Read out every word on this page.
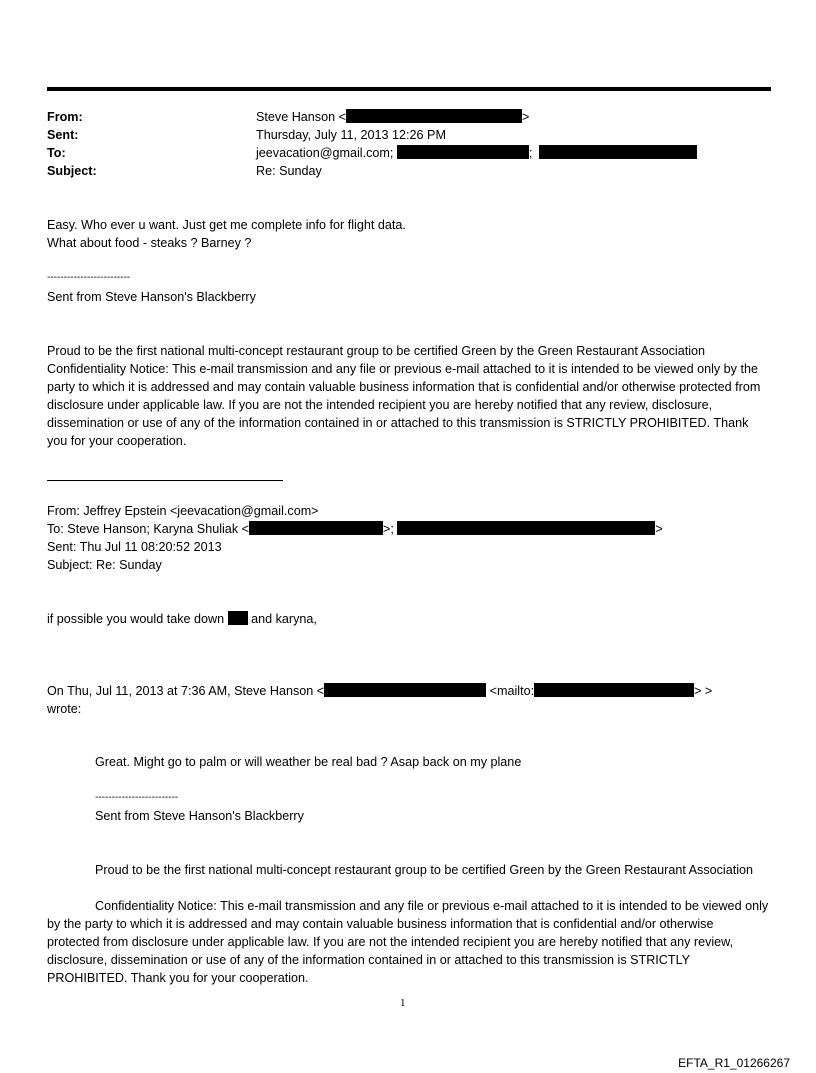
From:	Steve Hanson <	>
Sent:	Thursday, July 11, 2013 12:26 PM
To:	jeevacation@gmail.com;	;
Subject:	Re: Sunday
Easy. Who ever u want. Just get me complete info for flight data.
What about food - steaks ? Barney ?
-------------------------
Sent from Steve Hanson's Blackberry
Proud to be the first national multi-concept restaurant group to be certified Green by the Green Restaurant Association Confidentiality Notice: This e-mail transmission and any file or previous e-mail attached to it is intended to be viewed only by the party to which it is addressed and may contain valuable business information that is confidential and/or otherwise protected from disclosure under applicable law. If you are not the intended recipient you are hereby notified that any review, disclosure, dissemination or use of any of the information contained in or attached to this transmission is STRICTLY PROHIBITED. Thank you for your cooperation.
From: Jeffrey Epstein <jeevacation@gmail.com>
To: Steve Hanson; Karyna Shuliak <	>;	>
Sent: Thu Jul 11 08:20:52 2013
Subject: Re: Sunday
if possible you would take down and karyna,
On Thu, Jul 11, 2013 at 7:36 AM, Steve Hanson <	<mailto:	> >
wrote:
Great. Might go to palm or will weather be real bad ? Asap back on my plane
-------------------------
Sent from Steve Hanson's Blackberry
Proud to be the first national multi-concept restaurant group to be certified Green by the Green Restaurant Association
Confidentiality Notice: This e-mail transmission and any file or previous e-mail attached to it is intended to be viewed only by the party to which it is addressed and may contain valuable business information that is confidential and/or otherwise protected from disclosure under applicable law. If you are not the intended recipient you are hereby notified that any review, disclosure, dissemination or use of any of the information contained in or attached to this transmission is STRICTLY PROHIBITED. Thank you for your cooperation.
1
EFTA_R1_01266267
